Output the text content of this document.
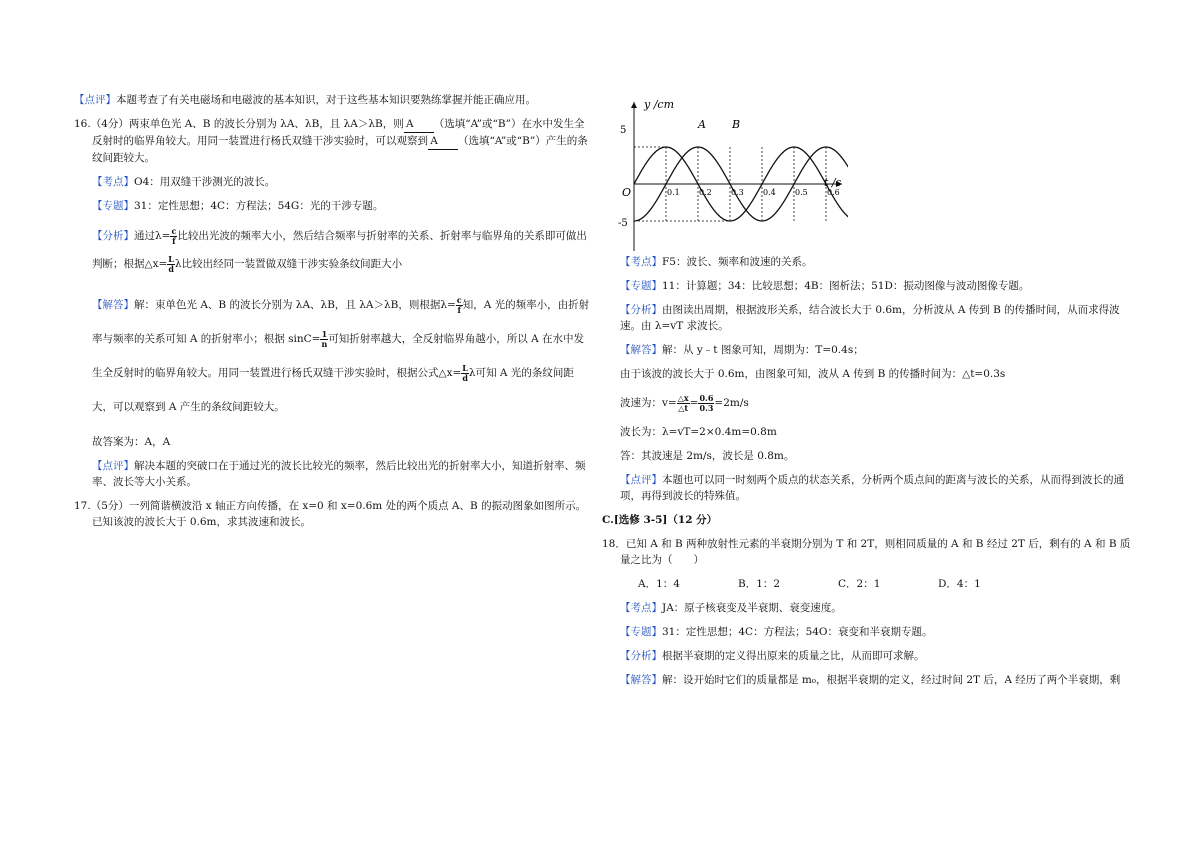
【点评】本题考查了有关电磁场和电磁波的基本知识，对于这些基本知识要熟练掌握并能正确应用。

16.（4分）两束单色光 A、B 的波长分别为 λA、λB，且 λA＞λB，则 A （选填“A”或“B”）在水中发生全反射时的临界角较大。用同一装置进行杨氏双缝干涉实验时，可以观察到 A （选填“A”或“B”）产生的条纹间距较大。

【考点】O4：用双缝干涉测光的波长。

【专题】31：定性思想；4C：方程法；54G：光的干涉专题。

【分析】通过$\lambda= \frac{c}{f}$ 比较出光波的频率大小，然后结合频率与折射率的关系、折射率与临界角的关系即可做出判断；根据△x= $\frac{L}{d}$ λ比较出经同一装置做双缝干涉实验条纹间距大小

【解答】解：束单色光 A、B 的波长分别为 λA、λB，且 λA＞λB，则根据$\lambda= \frac{c}{f}$ 知，A 光的频率小，由折射率与频率的关系可知 A 的折射率小；根据 $\sin C= \frac{1}{n}$ 可知折射率越大，全反射临界角越小，所以 A 在水中发生全反射时的临界角较大。用同一装置进行杨氏双缝干涉实验时，根据公式△x= $\frac{L}{d}$ λ可知 A 光的条纹间距大，可以观察到 A 产生的条纹间距较大。

故答案为：A，A

【点评】解决本题的突破口在于通过光的波长比较光的频率，然后比较出光的折射率大小，知道折射率、频率、波长等大小关系。

17.（5分）一列简谐横波沿 x 轴正方向传播，在 x=0 和 x=0.6m 处的两个质点 A、B 的振动图象如图所示。已知该波的波长大于 0.6m，求其波速和波长。

y /cm
t /s
O
5
-5
A B
0.1 0.2 0.3 0.4 0.5 0.6

【考点】F5：波长、频率和波速的关系。

【专题】11：计算题；34：比较思想；4B：图析法；51D：振动图像与波动图像专题。

【分析】由图读出周期，根据波形关系，结合波长大于 0.6m，分析波从 A 传到 B 的传播时间，从而求得波速。由 λ=vT 求波长。

【解答】解：从 y﹣t 图象可知，周期为：T=0.4s；

由于该波的波长大于 0.6m，由图象可知，波从 A 传到 B 的传播时间为：△t=0.3s

波速为：$v= \frac{\triangle x}{\triangle t} = \frac{0.6}{0.3} =2m/s$

波长为：λ=vT=2×0.4m=0.8m

答：其波速是 2m/s，波长是 0.8m。

【点评】本题也可以同一时刻两个质点的状态关系，分析两个质点间的距离与波长的关系，从而得到波长的通项，再得到波长的特殊值。

C.[选修 3-5]（12 分）

18．已知 A 和 B 两种放射性元素的半衰期分别为 T 和 2T，则相同质量的 A 和 B 经过 2T 后，剩有的 A 和 B 质量之比为（　　）

A．1：4	B．1：2	C．2：1	D．4：1

【考点】JA：原子核衰变及半衰期、衰变速度。

【专题】31：定性思想；4C：方程法；54O：衰变和半衰期专题。

【分析】根据半衰期的定义得出原来的质量之比，从而即可求解。

【解答】解：设开始时它们的质量都是 m₀，根据半衰期的定义，经过时间 2T 后，A 经历了两个半衰期，剩
